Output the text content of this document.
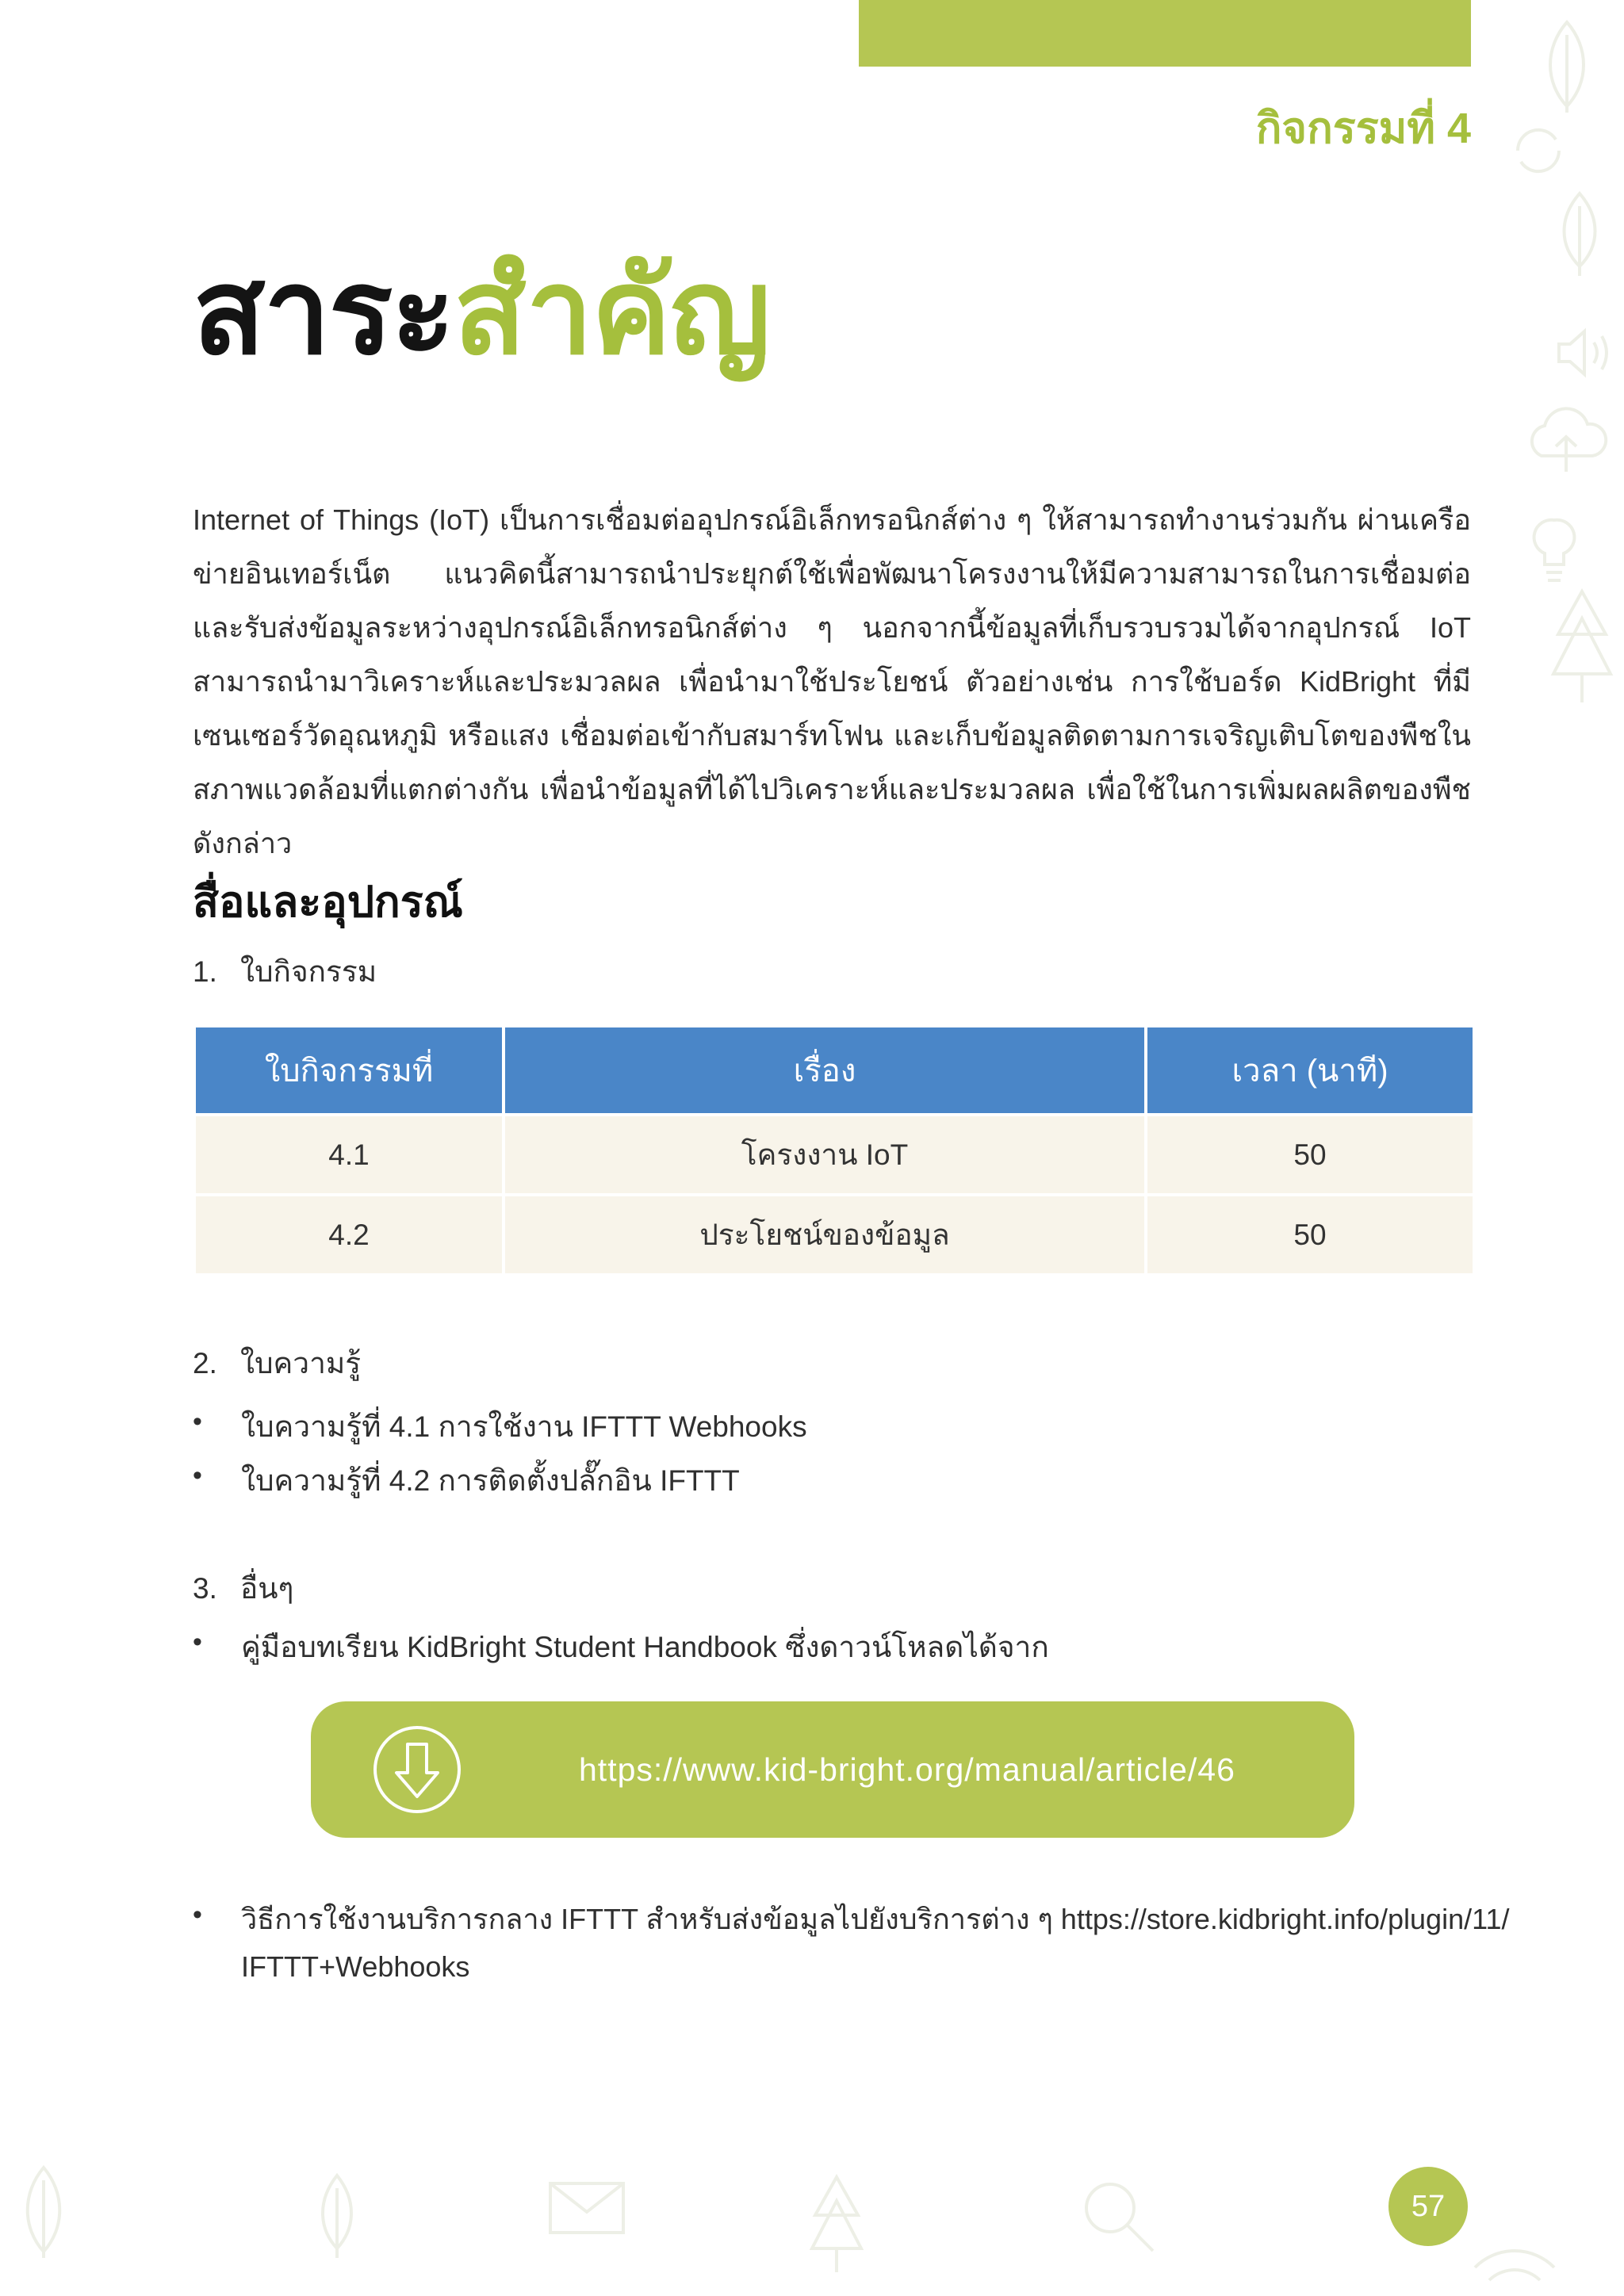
กิจกรรมที่ 4
สาระสำคัญ

Internet of Things (IoT) เป็นการเชื่อมต่ออุปกรณ์อิเล็กทรอนิกส์ต่าง ๆ ให้สามารถทำงานร่วมกัน ผ่านเครือข่ายอินเทอร์เน็ต แนวคิดนี้สามารถนำประยุกต์ใช้เพื่อพัฒนาโครงงานให้มีความสามารถในการเชื่อมต่อและรับส่งข้อมูลระหว่างอุปกรณ์อิเล็กทรอนิกส์ต่าง ๆ นอกจากนี้ข้อมูลที่เก็บรวบรวมได้จากอุปกรณ์ IoT สามารถนำมาวิเคราะห์และประมวลผล เพื่อนำมาใช้ประโยชน์ ตัวอย่างเช่น การใช้บอร์ด KidBright ที่มีเซนเซอร์วัดอุณหภูมิ หรือแสง เชื่อมต่อเข้ากับสมาร์ทโฟน และเก็บข้อมูลติดตามการเจริญเติบโตของพืชในสภาพแวดล้อมที่แตกต่างกัน เพื่อนำข้อมูลที่ได้ไปวิเคราะห์และประมวลผล เพื่อใช้ในการเพิ่มผลผลิตของพืชดังกล่าว

สื่อและอุปกรณ์
1. ใบกิจกรรม
ใบกิจกรรมที่	เรื่อง	เวลา (นาที)
4.1	โครงงาน IoT	50
4.2	ประโยชน์ของข้อมูล	50
2. ใบความรู้
• ใบความรู้ที่ 4.1 การใช้งาน IFTTT Webhooks
• ใบความรู้ที่ 4.2 การติดตั้งปลั๊กอิน IFTTT
3. อื่นๆ
• คู่มือบทเรียน KidBright Student Handbook ซึ่งดาวน์โหลดได้จาก
https://www.kid-bright.org/manual/article/46
• วิธีการใช้งานบริการกลาง IFTTT สำหรับส่งข้อมูลไปยังบริการต่าง ๆ https://store.kidbright.info/plugin/11/
IFTTT+Webhooks
57
